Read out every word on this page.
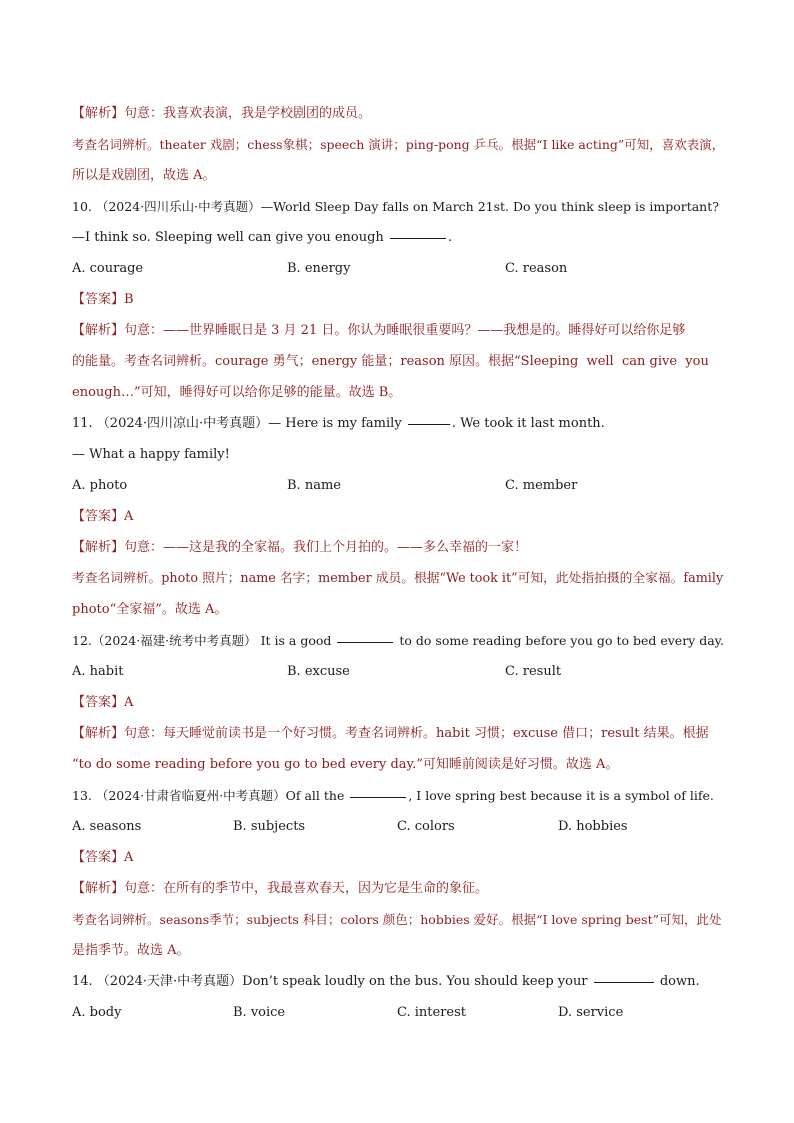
【解析】句意：我喜欢表演，我是学校剧团的成员。
考查名词辨析。theater 戏剧；chess象棋；speech 演讲；ping-pong 乒乓。根据“I like acting”可知，喜欢表演，
所以是戏剧团，故选 A。
10. （2024·四川乐山·中考真题）—World Sleep Day falls on March 21st. Do you think sleep is important?
—I think so. Sleeping well can give you enough	.
A. courage	B. energy	C. reason
【答案】B
【解析】句意：——世界睡眠日是 3 月 21 日。你认为睡眠很重要吗？——我想是的。睡得好可以给你足够
的能量。考查名词辨析。courage 勇气；energy 能量；reason 原因。根据“Sleeping  well  can give  you
enough…”可知，睡得好可以给你足够的能量。故选 B。
11. （2024·四川凉山·中考真题）— Here is my family	. We took it last month.
— What a happy family!
A. photo	B. name	C. member
【答案】A
【解析】句意：——这是我的全家福。我们上个月拍的。——多么幸福的一家！
考查名词辨析。photo 照片；name 名字；member 成员。根据“We took it”可知，此处指拍摄的全家福。family
photo“全家福”。故选 A。
12.（2024·福建·统考中考真题） It is a good	to do some reading before you go to bed every day.
A. habit	B. excuse	C. result
【答案】A
【解析】句意：每天睡觉前读书是一个好习惯。考查名词辨析。habit 习惯；excuse 借口；result 结果。根据
“to do some reading before you go to bed every day.”可知睡前阅读是好习惯。故选 A。
13. （2024·甘肃省临夏州·中考真题）Of all the	, I love spring best because it is a symbol of life.
A. seasons	B. subjects	C. colors	D. hobbies
【答案】A
【解析】句意：在所有的季节中，我最喜欢春天，因为它是生命的象征。
考查名词辨析。seasons季节；subjects 科目；colors 颜色；hobbies 爱好。根据“I love spring best”可知，此处
是指季节。故选 A。
14. （2024·天津·中考真题）Don’t speak loudly on the bus. You should keep your	down.
A. body	B. voice	C. interest	D. service
